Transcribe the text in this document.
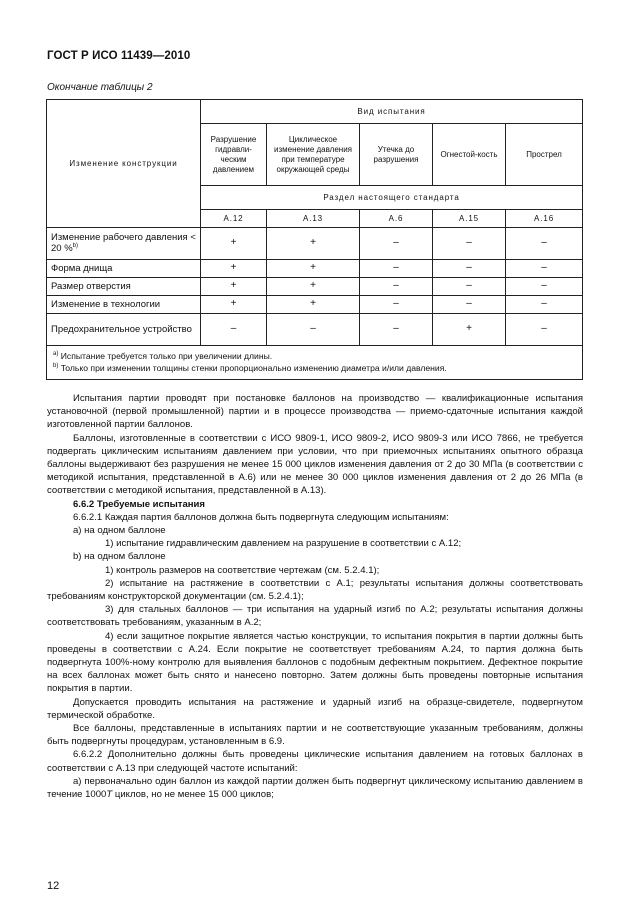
ГОСТ Р ИСО 11439—2010
Окончание таблицы 2
Изменение конструкции	Вид испытания				
	Разрушение гидравли-ческим давлением	Циклическое изменение давления при температуре окружающей среды	Утечка до разрушения	Огнестой-кость	Прострел
	Раздел настоящего стандарта				
	А.12	А.13	А.6	А.15	А.16
Изменение рабочего давления < 20 %$^{b)}$	+	+	–	–	–
Форма днища	+	+	–	–	–
Размер отверстия	+	+	–	–	–
Изменение в технологии	+	+	–	–	–
Предохранительное устройство	–	–	–	+	–

$^{a)}$ Испытание требуется только при увеличении длины.
$^{b)}$ Только при изменении толщины стенки пропорционально изменению диаметра и/или давления.					

Испытания партии проводят при постановке баллонов на производство — квалификационные испытания установочной (первой промышленной) партии и в процессе производства — приемо-сдаточные испытания каждой изготовленной партии баллонов.

Баллоны, изготовленные в соответствии с ИСО 9809-1, ИСО 9809-2, ИСО 9809-3 или ИСО 7866, не требуется подвергать циклическим испытаниям давлением при условии, что при приемочных испытаниях опытного образца баллоны выдерживают без разрушения не менее 15 000 циклов изменения давления от 2 до 30 МПа (в соответствии с методикой испытания, представленной в А.6) или не менее 30 000 циклов изменения давления от 2 до 26 МПа (в соответствии с методикой испытания, представленной в А.13).

6.6.2 Требуемые испытания

6.6.2.1 Каждая партия баллонов должна быть подвергнута следующим испытаниям:

a) на одном баллоне

1) испытание гидравлическим давлением на разрушение в соответствии с А.12;

b) на одном баллоне

1) контроль размеров на соответствие чертежам (см. 5.2.4.1);

2) испытание на растяжение в соответствии с А.1; результаты испытания должны соответствовать требованиям конструкторской документации (см. 5.2.4.1);

3) для стальных баллонов — три испытания на ударный изгиб по А.2; результаты испытания должны соответствовать требованиям, указанным в А.2;

4) если защитное покрытие является частью конструкции, то испытания покрытия в партии должны быть проведены в соответствии с А.24. Если покрытие не соответствует требованиям А.24, то партия должна быть подвергнута 100%-ному контролю для выявления баллонов с подобным дефектным покрытием. Дефектное покрытие на всех баллонах может быть снято и нанесено повторно. Затем должны быть проведены повторные испытания покрытия в партии.

Допускается проводить испытания на растяжение и ударный изгиб на образце-свидетеле, подвергнутом термической обработке.

Все баллоны, представленные в испытаниях партии и не соответствующие указанным требованиям, должны быть подвергнуты процедурам, установленным в 6.9.

6.6.2.2 Дополнительно должны быть проведены циклические испытания давлением на готовых баллонах в соответствии с А.13 при следующей частоте испытаний:

a) первоначально один баллон из каждой партии должен быть подвергнут циклическому испытанию давлением в течение 1000T циклов, но не менее 15 000 циклов;

12
